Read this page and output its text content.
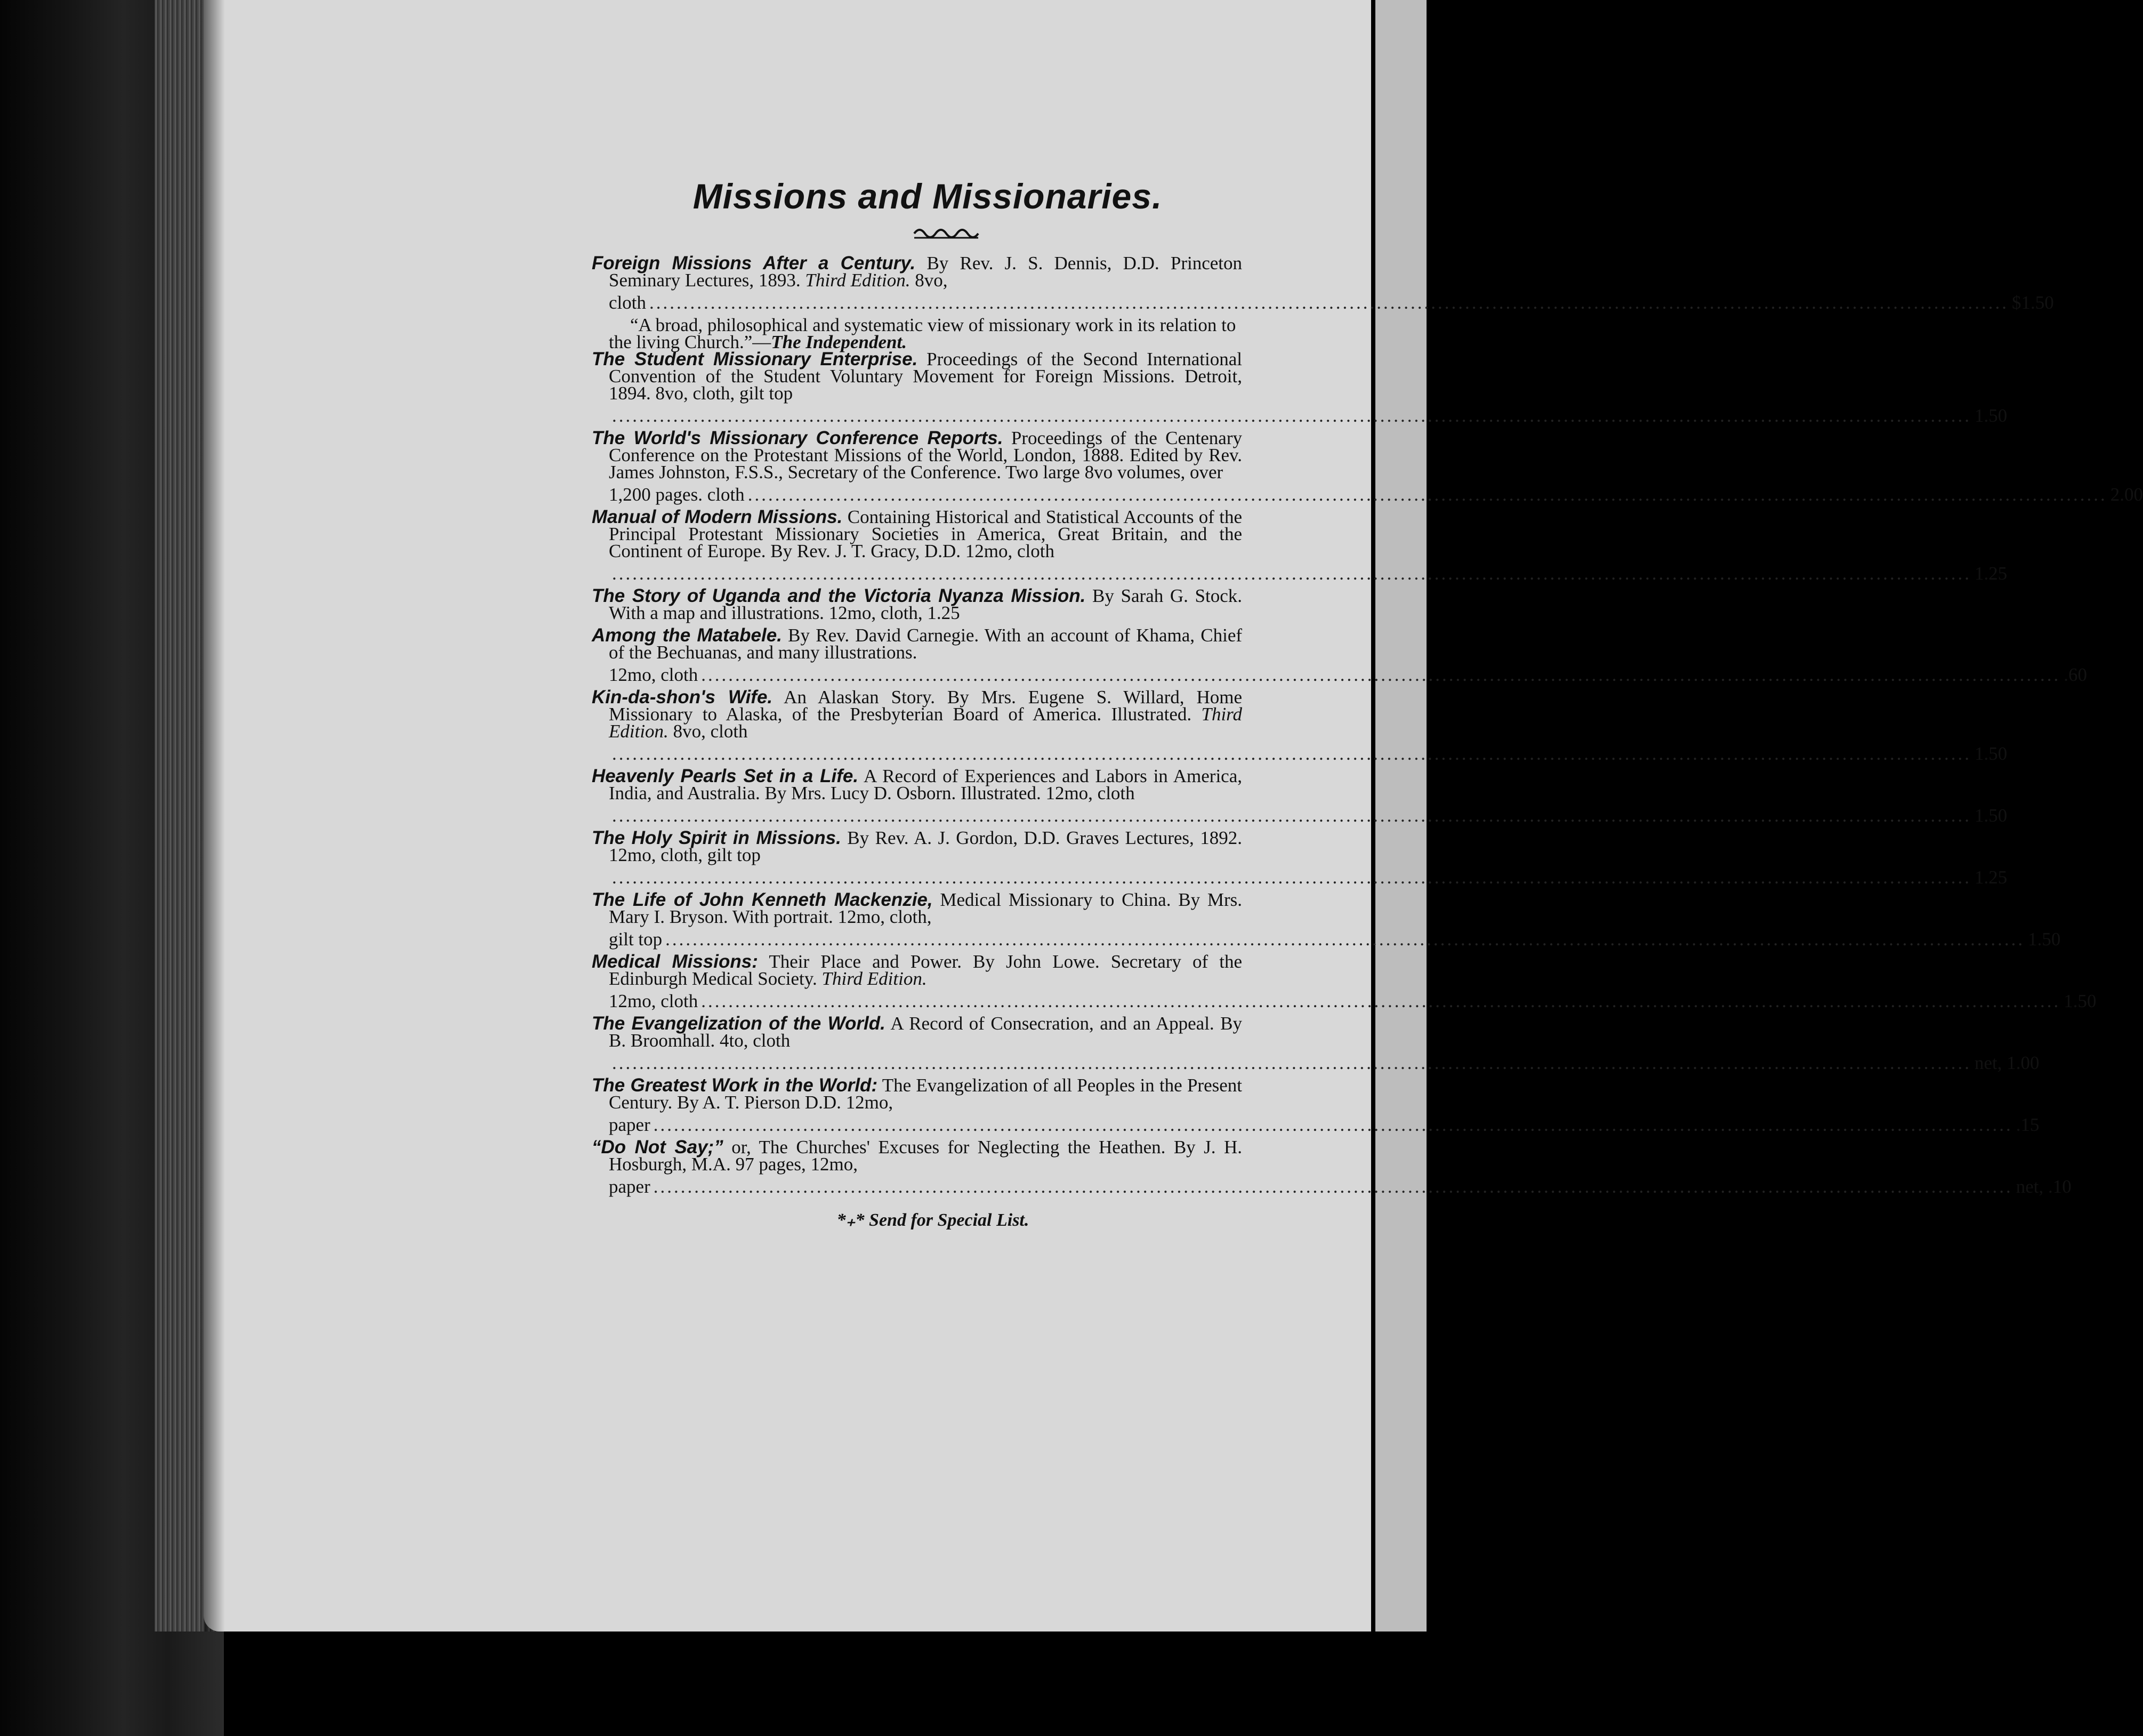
Missions and Missionaries.
Foreign Missions After a Century. By Rev. J. S. Dennis, D.D. Princeton Seminary Lectures, 1893. Third Edition. 8vo,
cloth ........................................................................................................................................................................................................ $1.50
“A broad, philosophical and systematic view of missionary work in its relation to the living Church.”—The Independent.
The Student Missionary Enterprise. Proceedings of the Second International Convention of the Student Voluntary Movement for Foreign Missions. Detroit, 1894. 8vo, cloth, gilt top
........................................................................................................................................................................................................ 1.50
The World's Missionary Conference Reports. Proceedings of the Centenary Conference on the Protestant Missions of the World, London, 1888. Edited by Rev. James Johnston, F.S.S., Secretary of the Conference. Two large 8vo volumes, over
1,200 pages. cloth ........................................................................................................................................................................................................ 2.00
Manual of Modern Missions. Containing Historical and Statistical Accounts of the Principal Protestant Missionary Societies in America, Great Britain, and the Continent of Europe. By Rev. J. T. Gracy, D.D. 12mo, cloth
........................................................................................................................................................................................................ 1.25
The Story of Uganda and the Victoria Nyanza Mission. By Sarah G. Stock. With a map and illustrations. 12mo, cloth, 1.25
Among the Matabele. By Rev. David Carnegie. With an account of Khama, Chief of the Bechuanas, and many illustrations.
12mo, cloth ........................................................................................................................................................................................................ .60
Kin-da-shon's Wife. An Alaskan Story. By Mrs. Eugene S. Willard, Home Missionary to Alaska, of the Presbyterian Board of America. Illustrated. Third Edition. 8vo, cloth
........................................................................................................................................................................................................ 1.50
Heavenly Pearls Set in a Life. A Record of Experiences and Labors in America, India, and Australia. By Mrs. Lucy D. Osborn. Illustrated. 12mo, cloth
........................................................................................................................................................................................................ 1.50
The Holy Spirit in Missions. By Rev. A. J. Gordon, D.D. Graves Lectures, 1892. 12mo, cloth, gilt top
........................................................................................................................................................................................................ 1.25
The Life of John Kenneth Mackenzie, Medical Missionary to China. By Mrs. Mary I. Bryson. With portrait. 12mo, cloth,
gilt top ........................................................................................................................................................................................................ 1.50
Medical Missions: Their Place and Power. By John Lowe. Secretary of the Edinburgh Medical Society. Third Edition.
12mo, cloth ........................................................................................................................................................................................................ 1.50
The Evangelization of the World. A Record of Consecration, and an Appeal. By B. Broomhall. 4to, cloth
........................................................................................................................................................................................................ net, 1.00
The Greatest Work in the World: The Evangelization of all Peoples in the Present Century. By A. T. Pierson D.D. 12mo,
paper ........................................................................................................................................................................................................ .15
“Do Not Say;” or, The Churches' Excuses for Neglecting the Heathen. By J. H. Hosburgh, M.A. 97 pages, 12mo,
paper ........................................................................................................................................................................................................ net, .10
*₊* Send for Special List.
